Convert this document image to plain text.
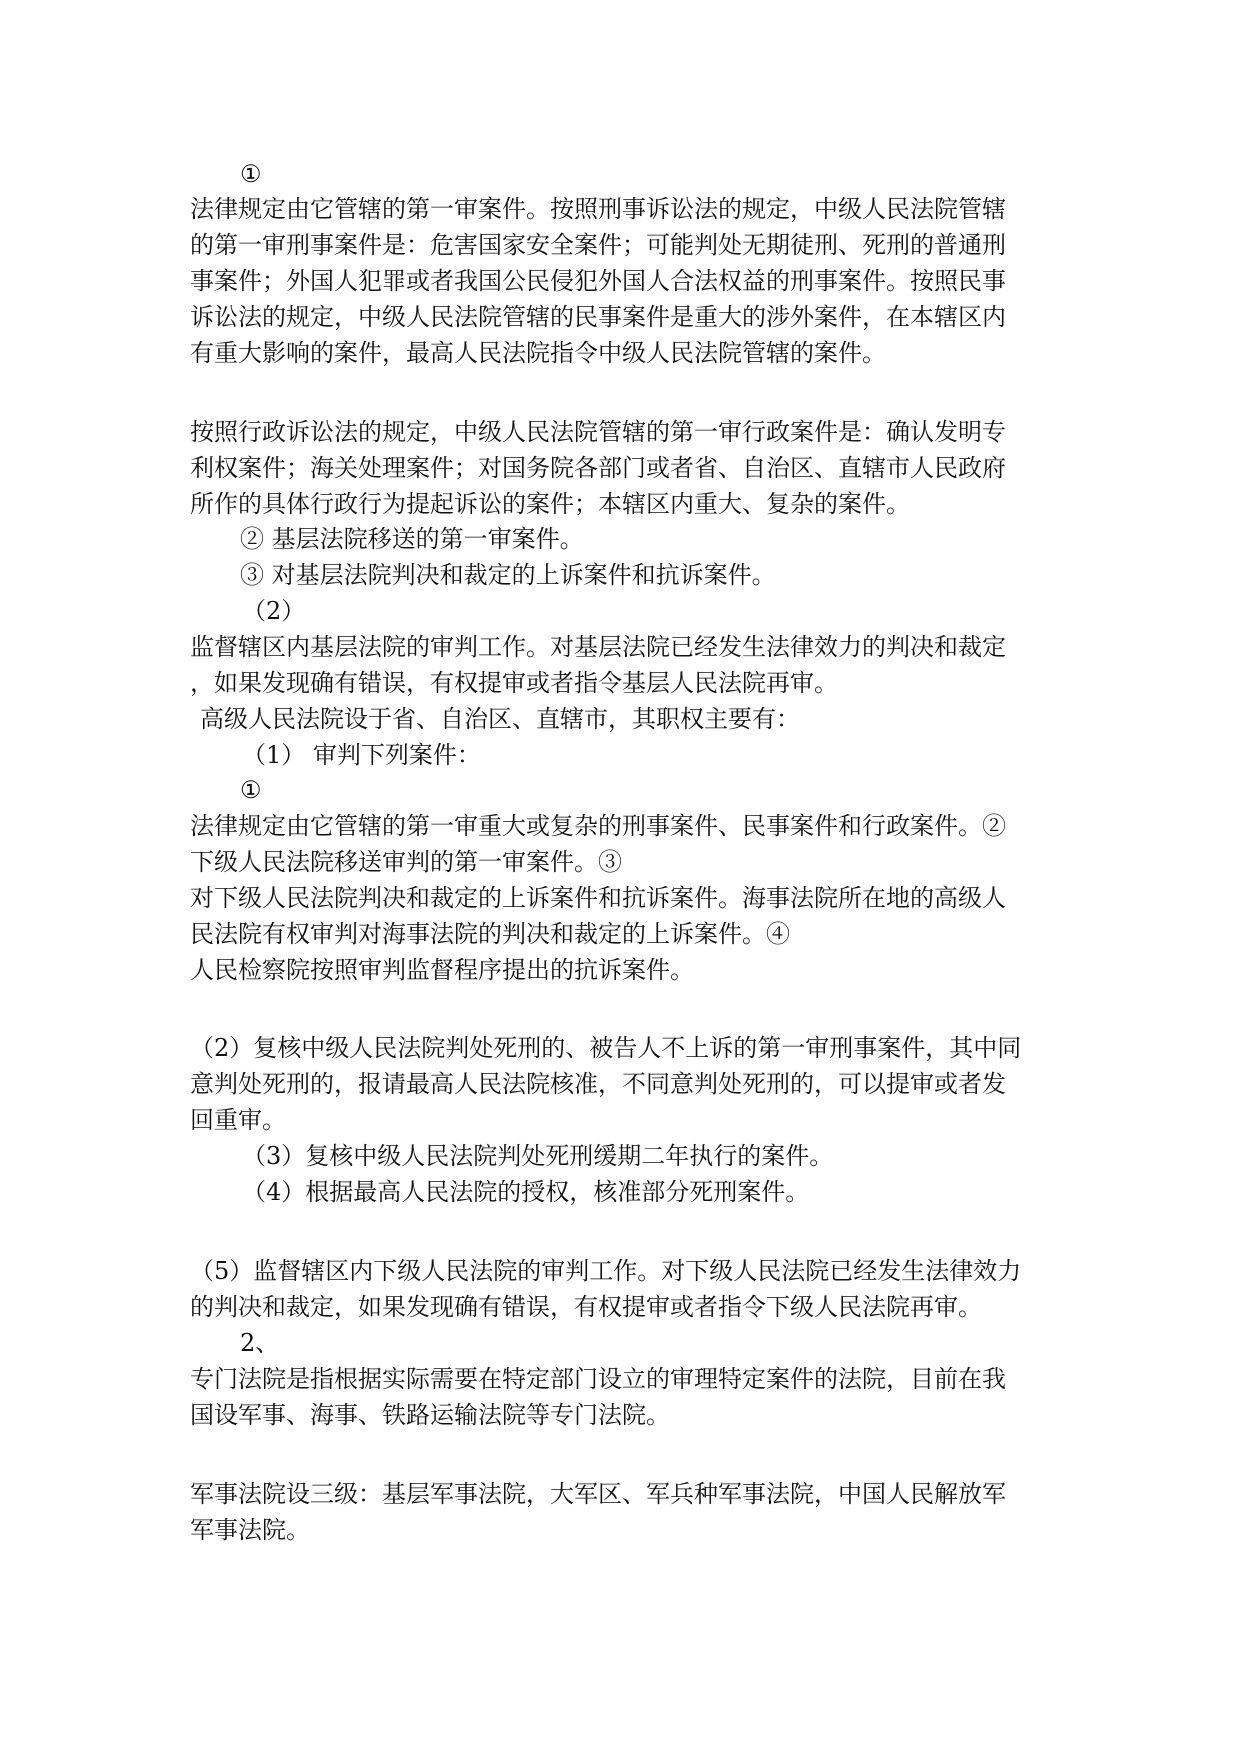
①
法律规定由它管辖的第一审案件。按照刑事诉讼法的规定，中级人民法院管辖
的第一审刑事案件是：危害国家安全案件；可能判处无期徒刑、死刑的普通刑
事案件；外国人犯罪或者我国公民侵犯外国人合法权益的刑事案件。按照民事
诉讼法的规定，中级人民法院管辖的民事案件是重大的涉外案件，在本辖区内
有重大影响的案件，最高人民法院指令中级人民法院管辖的案件。
按照行政诉讼法的规定，中级人民法院管辖的第一审行政案件是：确认发明专
利权案件；海关处理案件；对国务院各部门或者省、自治区、直辖市人民政府
所作的具体行政行为提起诉讼的案件；本辖区内重大、复杂的案件。
② 基层法院移送的第一审案件。
③ 对基层法院判决和裁定的上诉案件和抗诉案件。
（2）
监督辖区内基层法院的审判工作。对基层法院已经发生法律效力的判决和裁定
，如果发现确有错误，有权提审或者指令基层人民法院再审。
高级人民法院设于省、自治区、直辖市，其职权主要有：
（1） 审判下列案件：
①
法律规定由它管辖的第一审重大或复杂的刑事案件、民事案件和行政案件。②
下级人民法院移送审判的第一审案件。③
对下级人民法院判决和裁定的上诉案件和抗诉案件。海事法院所在地的高级人
民法院有权审判对海事法院的判决和裁定的上诉案件。④
人民检察院按照审判监督程序提出的抗诉案件。
（2）复核中级人民法院判处死刑的、被告人不上诉的第一审刑事案件，其中同
意判处死刑的，报请最高人民法院核准，不同意判处死刑的，可以提审或者发
回重审。
（3）复核中级人民法院判处死刑缓期二年执行的案件。
（4）根据最高人民法院的授权，核准部分死刑案件。
（5）监督辖区内下级人民法院的审判工作。对下级人民法院已经发生法律效力
的判决和裁定，如果发现确有错误，有权提审或者指令下级人民法院再审。
2、
专门法院是指根据实际需要在特定部门设立的审理特定案件的法院，目前在我
国设军事、海事、铁路运输法院等专门法院。
军事法院设三级：基层军事法院，大军区、军兵种军事法院，中国人民解放军
军事法院。
